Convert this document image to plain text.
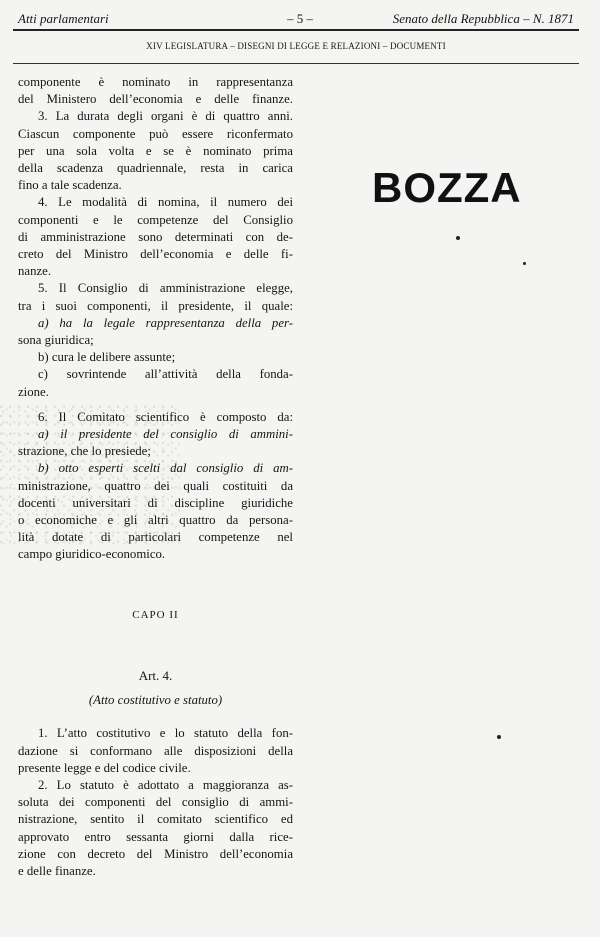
Atti parlamentari	– 5 –	Senato della Repubblica – N. 1871
XIV LEGISLATURA – DISEGNI DI LEGGE E RELAZIONI – DOCUMENTI
BOZZA
componente è nominato in rappresentanza
del Ministero dell’economia e delle finanze.
3. La durata degli organi è di quattro anni.
Ciascun componente può essere riconfermato
per una sola volta e se è nominato prima
della scadenza quadriennale, resta in carica
fino a tale scadenza.
4. Le modalità di nomina, il numero dei
componenti e le competenze del Consiglio
di amministrazione sono determinati con de-
creto del Ministro dell’economia e delle fi-
nanze.
5. Il Consiglio di amministrazione elegge,
tra i suoi componenti, il presidente, il quale:
a) ha la legale rappresentanza della per-
sona giuridica;
b) cura le delibere assunte;
c) sovrintende all’attività della fonda-
zione.
6. Il Comitato scientifico è composto da:
a) il presidente del consiglio di ammini-
strazione, che lo presiede;
b) otto esperti scelti dal consiglio di am-
ministrazione, quattro dei quali costituiti da
docenti universitari di discipline giuridiche
o economiche e gli altri quattro da persona-
lità dotate di particolari competenze nel
campo giuridico-economico.
CAPO II
Art. 4.
(Atto costitutivo e statuto)
1. L’atto costitutivo e lo statuto della fon-
dazione si conformano alle disposizioni della
presente legge e del codice civile.
2. Lo statuto è adottato a maggioranza as-
soluta dei componenti del consiglio di ammi-
nistrazione, sentito il comitato scientifico ed
approvato entro sessanta giorni dalla rice-
zione con decreto del Ministro dell’economia
e delle finanze.
